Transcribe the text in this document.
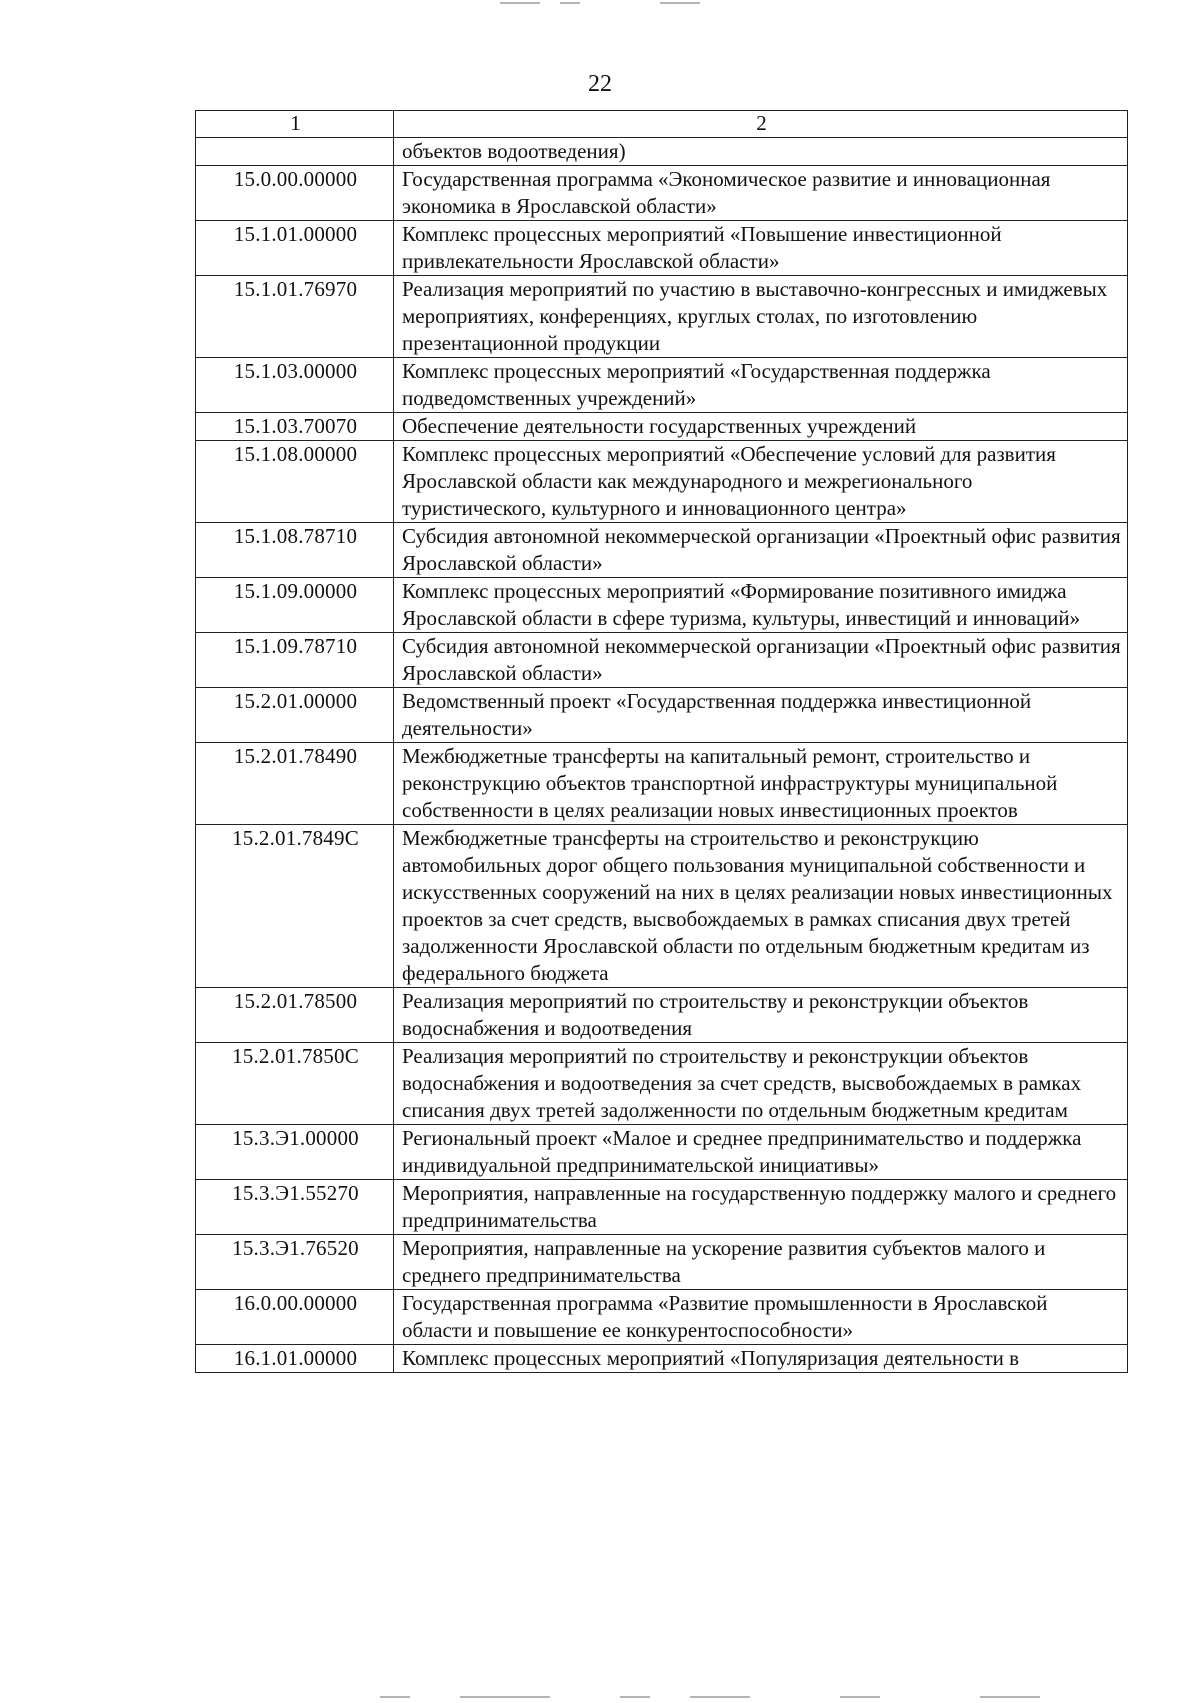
22
1	2
	объектов водоотведения)
15.0.00.00000	Государственная программа «Экономическое развитие и инновационная экономика в Ярославской области»
15.1.01.00000	Комплекс процессных мероприятий «Повышение инвестиционной привлекательности Ярославской области»
15.1.01.76970	Реализация мероприятий по участию в выставочно-конгрессных и имиджевых мероприятиях, конференциях, круглых столах, по изготовлению презентационной продукции
15.1.03.00000	Комплекс процессных мероприятий «Государственная поддержка подведомственных учреждений»
15.1.03.70070	Обеспечение деятельности государственных учреждений
15.1.08.00000	Комплекс процессных мероприятий «Обеспечение условий для развития Ярославской области как международного и межрегионального туристического, культурного и инновационного центра»
15.1.08.78710	Субсидия автономной некоммерческой организации «Проектный офис развития Ярославской области»
15.1.09.00000	Комплекс процессных мероприятий «Формирование позитивного имиджа Ярославской области в сфере туризма, культуры, инвестиций и инноваций»
15.1.09.78710	Субсидия автономной некоммерческой организации «Проектный офис развития Ярославской области»
15.2.01.00000	Ведомственный проект «Государственная поддержка инвестиционной деятельности»
15.2.01.78490	Межбюджетные трансферты на капитальный ремонт, строительство и реконструкцию объектов транспортной инфраструктуры муниципальной собственности в целях реализации новых инвестиционных проектов
15.2.01.7849С	Межбюджетные трансферты на строительство и реконструкцию автомобильных дорог общего пользования муниципальной собственности и искусственных сооружений на них в целях реализации новых инвестиционных проектов за счет средств, высвобождаемых в рамках списания двух третей задолженности Ярославской области по отдельным бюджетным кредитам из федерального бюджета
15.2.01.78500	Реализация мероприятий по строительству и реконструкции объектов водоснабжения и водоотведения
15.2.01.7850С	Реализация мероприятий по строительству и реконструкции объектов водоснабжения и водоотведения за счет средств, высвобождаемых в рамках списания двух третей задолженности по отдельным бюджетным кредитам
15.3.Э1.00000	Региональный проект «Малое и среднее предпринимательство и поддержка индивидуальной предпринимательской инициативы»
15.3.Э1.55270	Мероприятия, направленные на государственную поддержку малого и среднего предпринимательства
15.3.Э1.76520	Мероприятия, направленные на ускорение развития субъектов малого и среднего предпринимательства
16.0.00.00000	Государственная программа «Развитие промышленности в Ярославской области и повышение ее конкурентоспособности»
16.1.01.00000	Комплекс процессных мероприятий «Популяризация деятельности в
